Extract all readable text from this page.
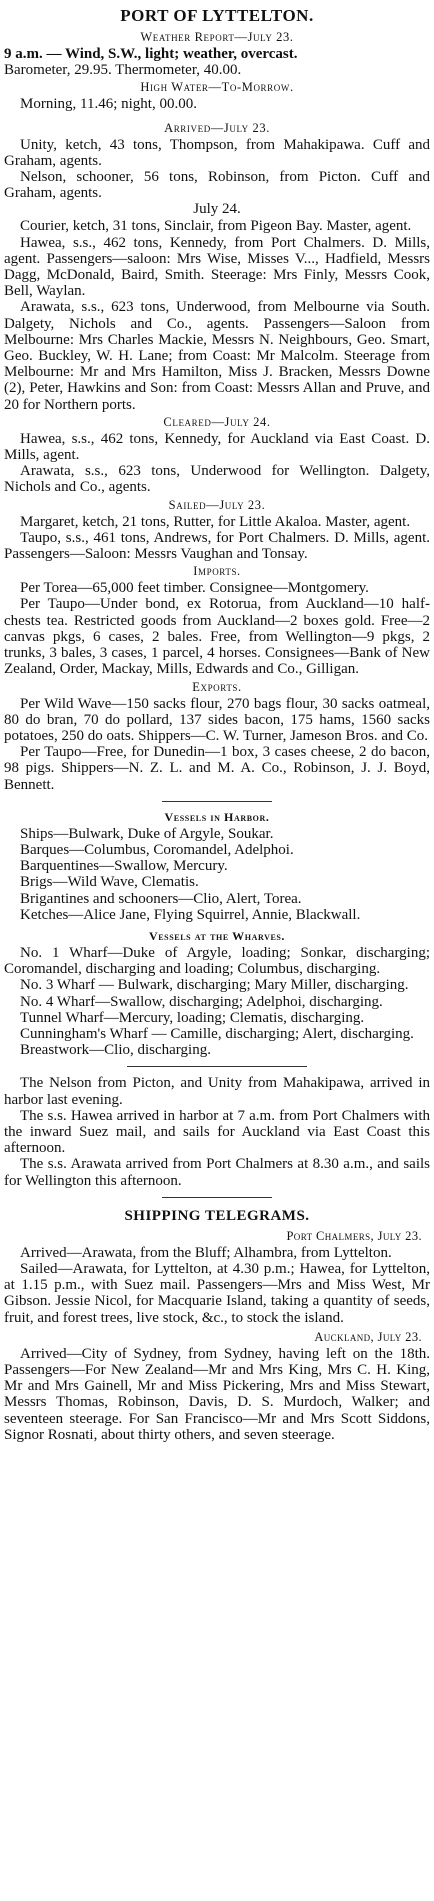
PORT OF LYTTELTON.
Weather Report—July 23.

9 a.m. — Wind, S.W., light; weather, overcast.

Barometer, 29.95. Thermometer, 40.00.

High Water—To-Morrow.

Morning, 11.46; night, 00.00.

Arrived—July 23.

Unity, ketch, 43 tons, Thompson, from Mahakipawa. Cuff and Graham, agents.

Nelson, schooner, 56 tons, Robinson, from Picton. Cuff and Graham, agents.

July 24.

Courier, ketch, 31 tons, Sinclair, from Pigeon Bay. Master, agent.

Hawea, s.s., 462 tons, Kennedy, from Port Chalmers. D. Mills, agent. Passengers—saloon: Mrs Wise, Misses V..., Hadfield, Messrs Dagg, McDonald, Baird, Smith. Steerage: Mrs Finly, Messrs Cook, Bell, Waylan.

Arawata, s.s., 623 tons, Underwood, from Melbourne via South. Dalgety, Nichols and Co., agents. Passengers—Saloon from Melbourne: Mrs Charles Mackie, Messrs N. Neighbours, Geo. Smart, Geo. Buckley, W. H. Lane; from Coast: Mr Malcolm. Steerage from Melbourne: Mr and Mrs Hamilton, Miss J. Bracken, Messrs Downe (2), Peter, Hawkins and Son: from Coast: Messrs Allan and Pruve, and 20 for Northern ports.

Cleared—July 24.

Hawea, s.s., 462 tons, Kennedy, for Auckland via East Coast. D. Mills, agent.

Arawata, s.s., 623 tons, Underwood for Wellington. Dalgety, Nichols and Co., agents.

Sailed—July 23.

Margaret, ketch, 21 tons, Rutter, for Little Akaloa. Master, agent.

Taupo, s.s., 461 tons, Andrews, for Port Chalmers. D. Mills, agent. Passengers—Saloon: Messrs Vaughan and Tonsay.

Imports.

Per Torea—65,000 feet timber. Consignee—Montgomery.

Per Taupo—Under bond, ex Rotorua, from Auckland—10 half-chests tea. Restricted goods from Auckland—2 boxes gold. Free—2 canvas pkgs, 6 cases, 2 bales. Free, from Wellington—9 pkgs, 2 trunks, 3 bales, 3 cases, 1 parcel, 4 horses. Consignees—Bank of New Zealand, Order, Mackay, Mills, Edwards and Co., Gilligan.

Exports.

Per Wild Wave—150 sacks flour, 270 bags flour, 30 sacks oatmeal, 80 do bran, 70 do pollard, 137 sides bacon, 175 hams, 1560 sacks potatoes, 250 do oats. Shippers—C. W. Turner, Jameson Bros. and Co.

Per Taupo—Free, for Dunedin—1 box, 3 cases cheese, 2 do bacon, 98 pigs. Shippers—N. Z. L. and M. A. Co., Robinson, J. J. Boyd, Bennett.

Vessels in Harbor.

Ships—Bulwark, Duke of Argyle, Soukar.

Barques—Columbus, Coromandel, Adelphoi.

Barquentines—Swallow, Mercury.

Brigs—Wild Wave, Clematis.

Brigantines and schooners—Clio, Alert, Torea.

Ketches—Alice Jane, Flying Squirrel, Annie, Blackwall.

Vessels at the Wharves.

No. 1 Wharf—Duke of Argyle, loading; Sonkar, discharging; Coromandel, discharging and loading; Columbus, discharging.

No. 3 Wharf — Bulwark, discharging; Mary Miller, discharging.

No. 4 Wharf—Swallow, discharging; Adelphoi, discharging.

Tunnel Wharf—Mercury, loading; Clematis, discharging.

Cunningham's Wharf — Camille, discharging; Alert, discharging.

Breastwork—Clio, discharging.

The Nelson from Picton, and Unity from Mahakipawa, arrived in harbor last evening.

The s.s. Hawea arrived in harbor at 7 a.m. from Port Chalmers with the inward Suez mail, and sails for Auckland via East Coast this afternoon.

The s.s. Arawata arrived from Port Chalmers at 8.30 a.m., and sails for Wellington this afternoon.

SHIPPING TELEGRAMS.
Port Chalmers, July 23.

Arrived—Arawata, from the Bluff; Alhambra, from Lyttelton.

Sailed—Arawata, for Lyttelton, at 4.30 p.m.; Hawea, for Lyttelton, at 1.15 p.m., with Suez mail. Passengers—Mrs and Miss West, Mr Gibson. Jessie Nicol, for Macquarie Island, taking a quantity of seeds, fruit, and forest trees, live stock, &c., to stock the island.

Auckland, July 23.

Arrived—City of Sydney, from Sydney, having left on the 18th. Passengers—For New Zealand—Mr and Mrs King, Mrs C. H. King, Mr and Mrs Gainell, Mr and Miss Pickering, Mrs and Miss Stewart, Messrs Thomas, Robinson, Davis, D. S. Murdoch, Walker; and seventeen steerage. For San Francisco—Mr and Mrs Scott Siddons, Signor Rosnati, about thirty others, and seven steerage.
